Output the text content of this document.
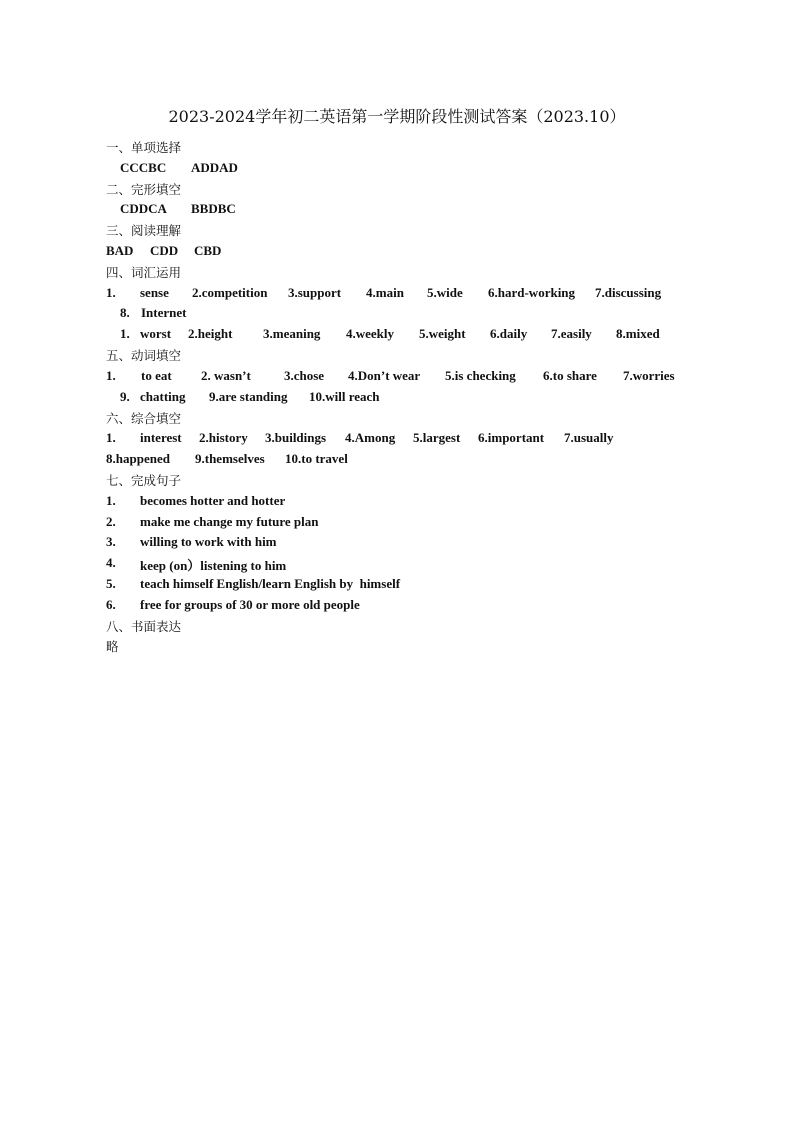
2023-2024学年初二英语第一学期阶段性测试答案（2023.10）
一、单项选择
CCCBC ADDAD
二、完形填空
CDDCA BBDBC
三、阅读理解
BAD CDD CBD
四、词汇运用
1. sense 2.competition 3.support 4.main 5.wide 6.hard-working 7.discussing
8. Internet
1. worst 2.height 3.meaning 4.weekly 5.weight 6.daily 7.easily 8.mixed
五、动词填空
1. to eat 2. wasn’t	3.chose 4.Don’t wear 5.is checking 6.to share 7.worries
9. chatting 9.are standing 10.will reach
六、综合填空
1. interest 2.history 3.buildings 4.Among 5.largest 6.important 7.usually
8.happened 9.themselves 10.to travel
七、完成句子
1. becomes hotter and hotter
2. make me change my future plan
3. willing to work with him
4. keep (on）listening to him
5. teach himself English/learn English by  himself
6. free for groups of 30 or more old people
八、书面表达
略
